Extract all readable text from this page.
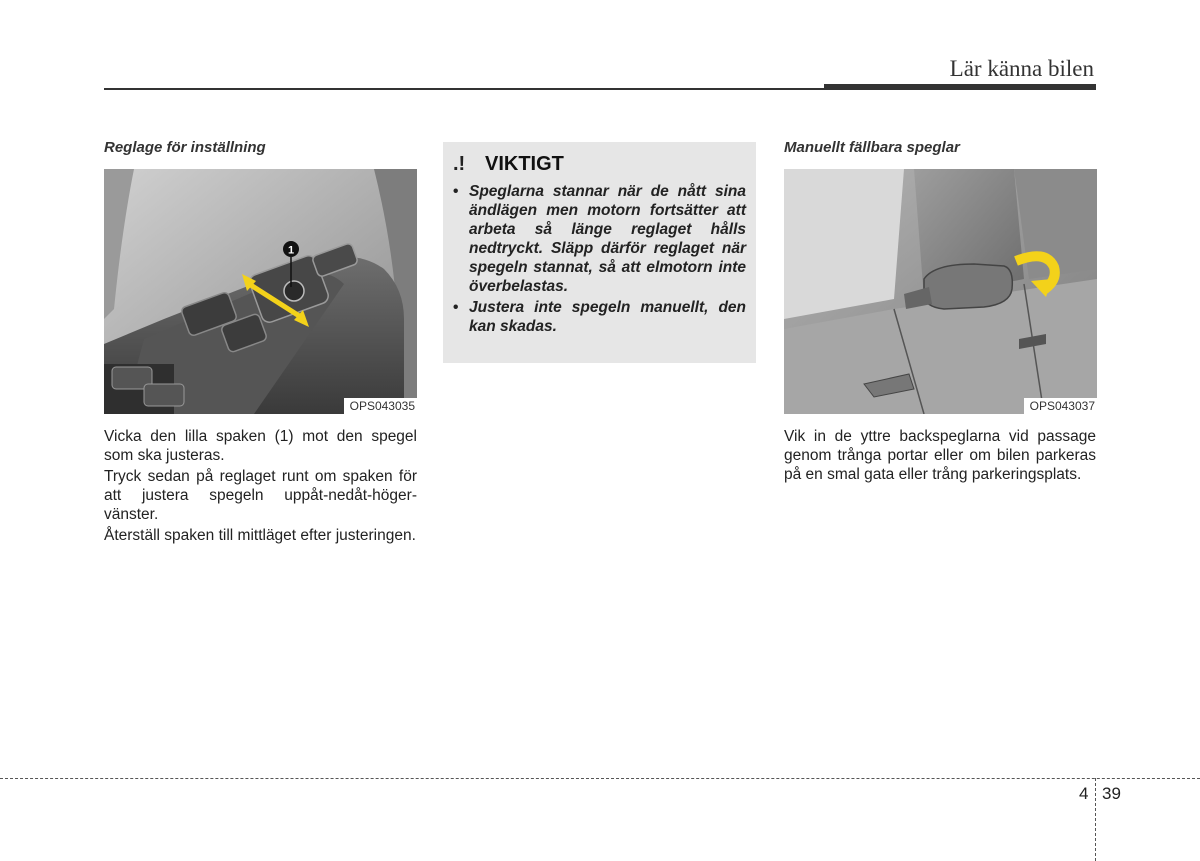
Lär känna bilen
Reglage för inställning
1
OPS043035

Vicka den lilla spaken (1) mot den spegel som ska justeras.

Tryck sedan på reglaget runt om spaken för att justera spegeln uppåt-nedåt-höger-vänster.

Återställ spaken till mittläget efter justeringen.

.! VIKTIGT
• Speglarna stannar när de nått sina ändlägen men motorn fortsätter att arbeta så länge reglaget hålls nedtryckt. Släpp därför reglaget när spegeln stannat, så att elmotorn inte överbelastas.
• Justera inte spegeln manuellt, den kan skadas.
Manuellt fällbara speglar
OPS043037

Vik in de yttre backspeglarna vid passage genom trånga portar eller om bilen parkeras på en smal gata eller trång parkeringsplats.

4 39
